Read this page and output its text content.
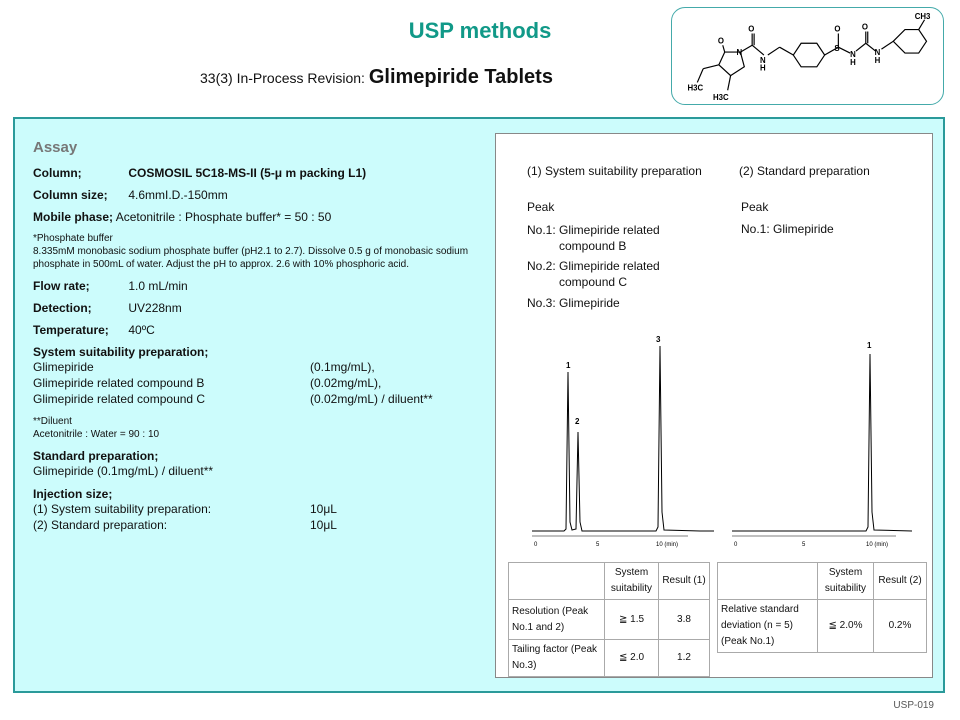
USP methods
33(3) In-Process Revision: Glimepiride Tablets
O
O
N
H
N
O
S
N
H
O
N
H
CH3
H3C
H3C
Assay
Column;	COSMOSIL 5C18-MS-II (5-μ m packing L1)
Column size; 4.6mmI.D.-150mm
Mobile phase; Acetonitrile : Phosphate buffer* = 50 : 50
*Phosphate buffer
8.335mM monobasic sodium phosphate buffer (pH2.1 to 2.7). Dissolve 0.5 g of monobasic sodium phosphate in 500mL of water. Adjust the pH to approx. 2.6 with 10% phosphoric acid.
Flow rate;	1.0 mL/min
Detection;	UV228nm
Temperature; 40ºC
System suitability preparation;
Glimepiride	(0.1mg/mL),
Glimepiride related compound B	(0.02mg/mL),
Glimepiride related compound C	(0.02mg/mL) / diluent**
**Diluent
Acetonitrile : Water = 90 : 10
Standard preparation;
Glimepiride (0.1mg/mL) / diluent**
Injection size;
(1) System suitability preparation:	10μL
(2) Standard preparation:	10μL
(1) System suitability preparation	(2) Standard preparation
Peak	Peak
No.1: Glimepiride related
compound B
No.2: Glimepiride related
compound C
No.3: Glimepiride
No.1: Glimepiride
1
2
3
0	5	10 (min)
1
0	5	10 (min)
	System suitability	Result (1)
Resolution (Peak No.1 and 2)	≧ 1.5	3.8
Tailing factor (Peak No.3)	≦ 2.0	1.2
	System suitability	Result (2)
Relative standard deviation (n = 5)(Peak No.1)	≦ 2.0%	0.2%
USP-019
